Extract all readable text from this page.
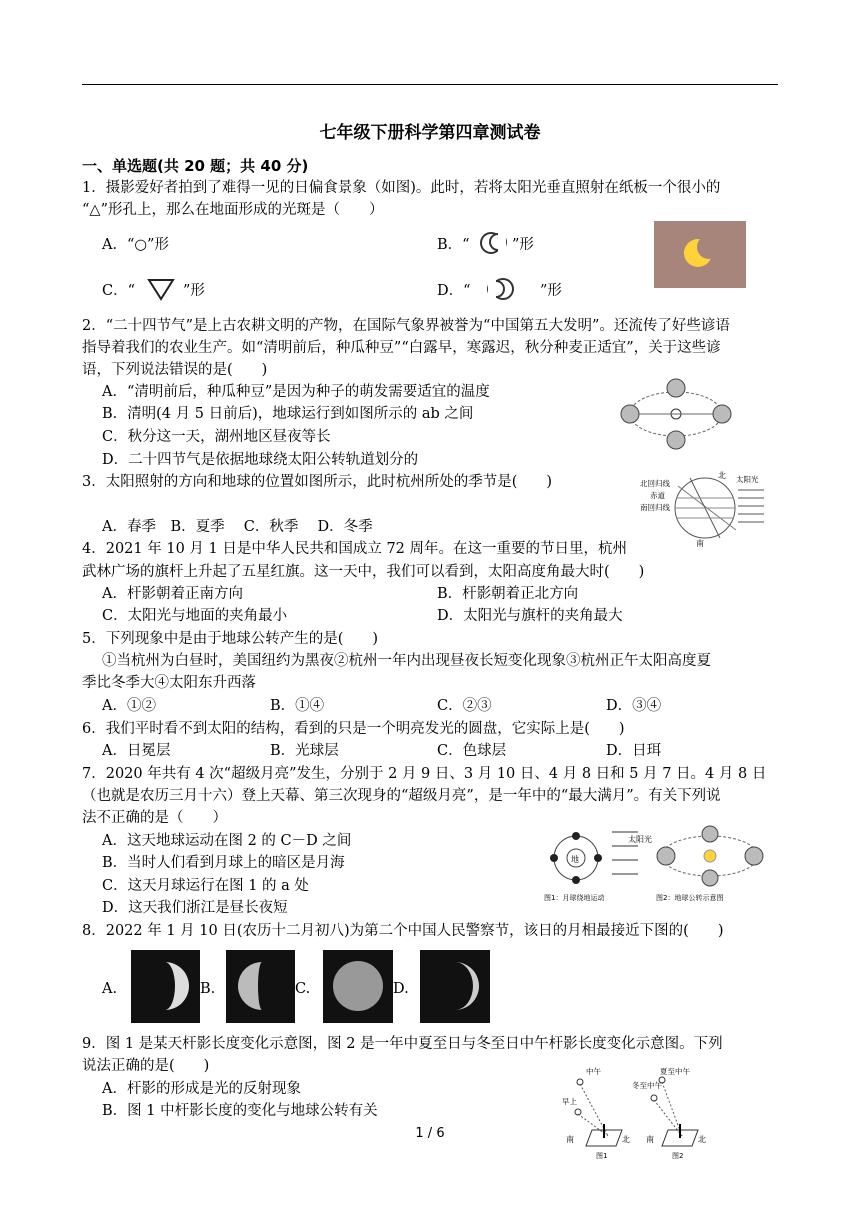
七年级下册科学第四章测试卷
一、单选题(共 20 题；共 40 分)
1．摄影爱好者拍到了难得一见的日偏食景象（如图)。此时，若将太阳光垂直照射在纸板一个很小的
“△”形孔上，那么在地面形成的光斑是（　　）
A．“○”形	B．“	”形
C．“	”形	D．“	”形
2．“二十四节气”是上古农耕文明的产物，在国际气象界被誉为“中国第五大发明”。还流传了好些谚语
指导着我们的农业生产。如“清明前后，种瓜种豆”“白露早，寒露迟，秋分种麦正适宜”，关于这些谚
语，下列说法错误的是(　　)
A．“清明前后，种瓜种豆”是因为种子的萌发需要适宜的温度
B．清明(4 月 5 日前后)，地球运行到如图所示的 ab 之间
C．秋分这一天，湖州地区昼夜等长
D．二十四节气是依据地球绕太阳公转轨道划分的
3．太阳照射的方向和地球的位置如图所示，此时杭州所处的季节是(　　)
A．春季　B．夏季　 C．秋季　 D．冬季
北
南
北回归线
赤道
南回归线
太阳光
4．2021 年 10 月 1 日是中华人民共和国成立 72 周年。在这一重要的节日里，杭州
武林广场的旗杆上升起了五星红旗。这一天中，我们可以看到，太阳高度角最大时(　　)
A．杆影朝着正南方向	B．杆影朝着正北方向
C．太阳光与地面的夹角最小	D．太阳光与旗杆的夹角最大
5．下列现象中是由于地球公转产生的是(　　)
①当杭州为白昼时，美国纽约为黑夜②杭州一年内出现昼夜长短变化现象③杭州正午太阳高度夏
季比冬季大④太阳东升西落
A．①②	B．①④	C．②③	D．③④
6．我们平时看不到太阳的结构，看到的只是一个明亮发光的圆盘，它实际上是(　　)
A．日冕层	B．光球层	C．色球层	D．日珥
7．2020 年共有 4 次“超级月亮”发生，分别于 2 月 9 日、3 月 10 日、4 月 8 日和 5 月 7 日。4 月 8 日
（也就是农历三月十六）登上天幕、第三次现身的“超级月亮”，是一年中的“最大满月”。有关下列说
法不正确的是（　　）
A．这天地球运动在图 2 的 C－D 之间
B．当时人们看到月球上的暗区是月海
C．这天月球运行在图 1 的 a 处
D．这天我们浙江是昼长夜短
地
太阳光
图1：月球绕地运动	图2：地球公转示意图
8．2022 年 1 月 10 日(农历十二月初八)为第二个中国人民警察节，该日的月相最接近下图的(　　)
A.	B.	C.	D.
9．图 1 是某天杆影长度变化示意图，图 2 是一年中夏至日与冬至日中午杆影长度变化示意图。下列
说法正确的是(　　)
A．杆影的形成是光的反射现象
B．图 1 中杆影长度的变化与地球公转有关
中午
早上
南	北
图1
夏至中午
冬至中午
南	北
图2
1 / 6
